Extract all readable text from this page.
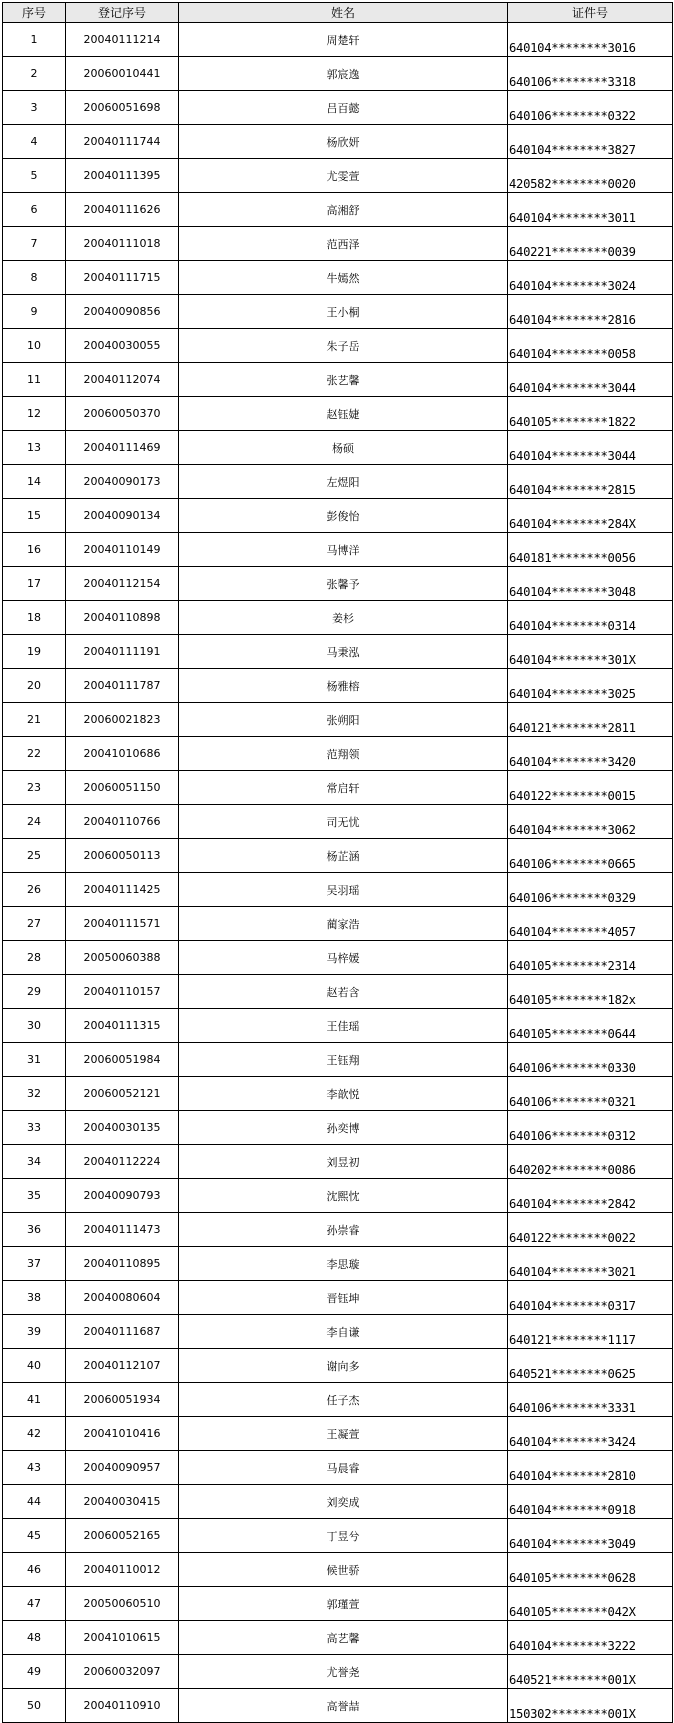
序号	登记序号	姓名	证件号
1	20040111214	周楚轩	640104********3016
2	20060010441	郭宸逸	640106********3318
3	20060051698	吕百懿	640106********0322
4	20040111744	杨欣妍	640104********3827
5	20040111395	尤雯萱	420582********0020
6	20040111626	高湘舒	640104********3011
7	20040111018	范西泽	640221********0039
8	20040111715	牛嫣然	640104********3024
9	20040090856	王小桐	640104********2816
10	20040030055	朱子岳	640104********0058
11	20040112074	张艺馨	640104********3044
12	20060050370	赵钰婕	640105********1822
13	20040111469	杨硕	640104********3044
14	20040090173	左煜阳	640104********2815
15	20040090134	彭俊怡	640104********284X
16	20040110149	马博洋	640181********0056
17	20040112154	张馨予	640104********3048
18	20040110898	姜杉	640104********0314
19	20040111191	马秉泓	640104********301X
20	20040111787	杨雅榕	640104********3025
21	20060021823	张朔阳	640121********2811
22	20041010686	范翔领	640104********3420
23	20060051150	常启轩	640122********0015
24	20040110766	司无忧	640104********3062
25	20060050113	杨芷涵	640106********0665
26	20040111425	吴羽瑶	640106********0329
27	20040111571	蔺家浩	640104********4057
28	20050060388	马梓媛	640105********2314
29	20040110157	赵若含	640105********182x
30	20040111315	王佳瑶	640105********0644
31	20060051984	王钰翔	640106********0330
32	20060052121	李歆悦	640106********0321
33	20040030135	孙奕博	640106********0312
34	20040112224	刘昱初	640202********0086
35	20040090793	沈熙忱	640104********2842
36	20040111473	孙崇睿	640122********0022
37	20040110895	李思璇	640104********3021
38	20040080604	晋钰坤	640104********0317
39	20040111687	李自谦	640121********1117
40	20040112107	谢向多	640521********0625
41	20060051934	任子杰	640106********3331
42	20041010416	王凝萱	640104********3424
43	20040090957	马晨睿	640104********2810
44	20040030415	刘奕成	640104********0918
45	20060052165	丁昱兮	640104********3049
46	20040110012	候世骄	640105********0628
47	20050060510	郭瑾萱	640105********042X
48	20041010615	高艺馨	640104********3222
49	20060032097	尤誉尧	640521********001X
50	20040110910	高誉喆	150302********001X
